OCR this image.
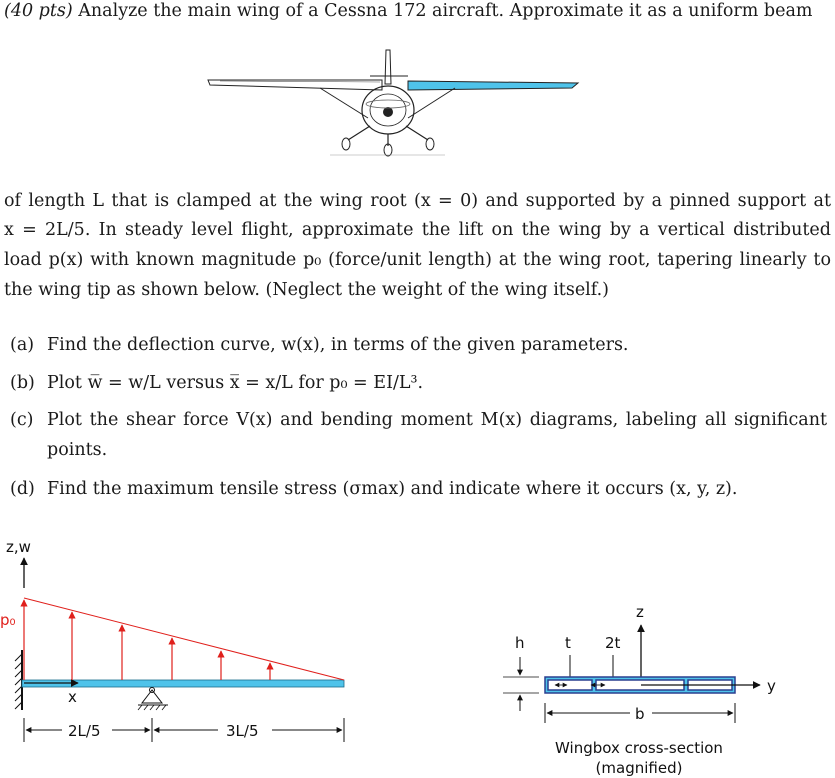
(40 pts) Analyze the main wing of a Cessna 172 aircraft. Approximate it as a uniform beam
of length L that is clamped at the wing root (x = 0) and supported by a pinned support at
x = 2L/5. In steady level flight, approximate the lift on the wing by a vertical distributed
load p(x) with known magnitude p₀ (force/unit length) at the wing root, tapering linearly to
the wing tip as shown below. (Neglect the weight of the wing itself.)
(a) Find the deflection curve, w(x), in terms of the given parameters.
(b) Plot w̅ = w/L versus x̅ = x/L for p₀ = EI/L³.
(c) Plot the shear force V(x) and bending moment M(x) diagrams, labeling all significant
points.
(d) Find the maximum tensile stress (σmax) and indicate where it occurs (x, y, z).
z,w
p₀
x
2L/5	3L/5
h	t 2t
z
y
b
Wingbox cross-section
(magnified)
